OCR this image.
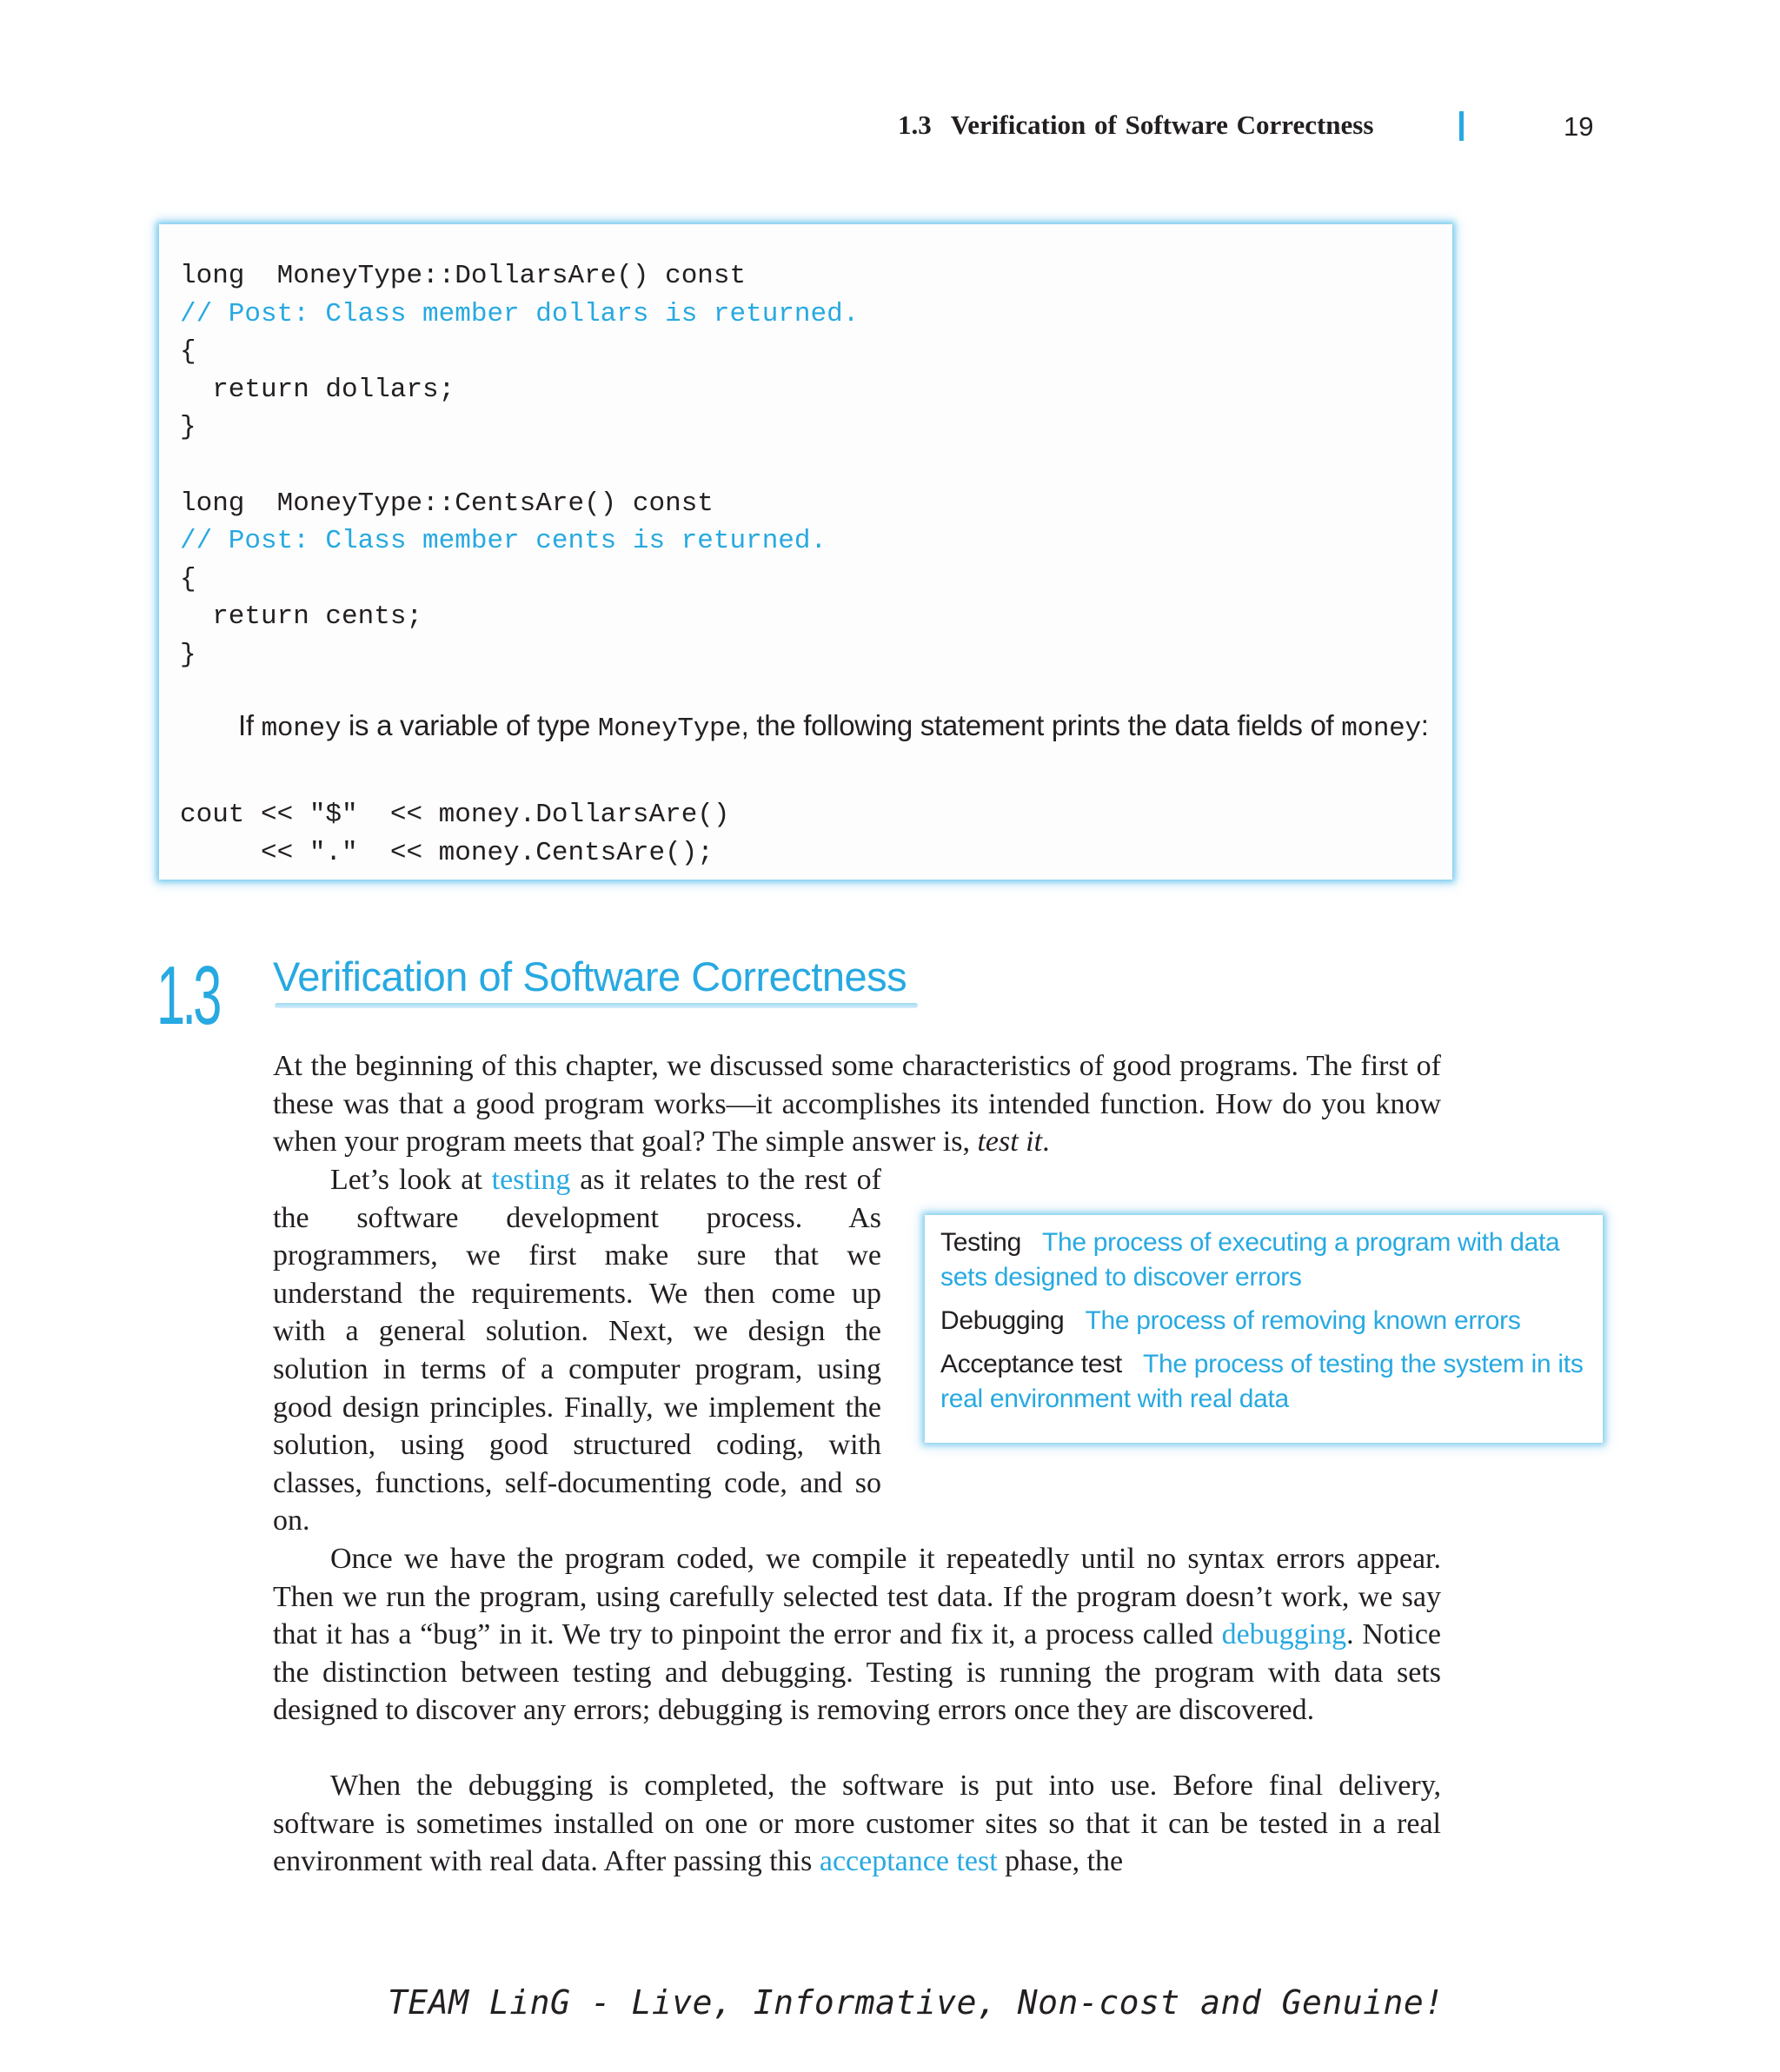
1.3 Verification of Software Correctness	19
long  MoneyType::DollarsAre() const
// Post: Class member dollars is returned.
{
return dollars;
}

long  MoneyType::CentsAre() const
// Post: Class member cents is returned.
{
return cents;
}
If money is a variable of type MoneyType, the following statement prints the data fields of money:
cout << "$"  << money.DollarsAre()
<< "."  << money.CentsAre();
1.3 Verification of Software Correctness

At the beginning of this chapter, we discussed some characteristics of good programs. The first of these was that a good program works—it accomplishes its intended function. How do you know when your program meets that goal? The simple answer is, test it.

Let’s look at testing as it relates to the rest of the software development process. As programmers, we first make sure that we understand the requirements. We then come up with a general solution. Next, we design the solution in terms of a computer program, using good design principles. Finally, we implement the solution, using good structured coding, with classes, functions, self-documenting code, and so on.

Testing The process of executing a program with data sets designed to discover errors
Debugging The process of removing known errors
Acceptance test The process of testing the system in its real environment with real data

Once we have the program coded, we compile it repeatedly until no syntax errors appear. Then we run the program, using carefully selected test data. If the program doesn’t work, we say that it has a “bug” in it. We try to pinpoint the error and fix it, a process called debugging. Notice the distinction between testing and debugging. Testing is running the program with data sets designed to discover any errors; debugging is removing errors once they are discovered.

When the debugging is completed, the software is put into use. Before final delivery, software is sometimes installed on one or more customer sites so that it can be tested in a real environment with real data. After passing this acceptance test phase, the

TEAM LinG - Live, Informative, Non-cost and Genuine!
